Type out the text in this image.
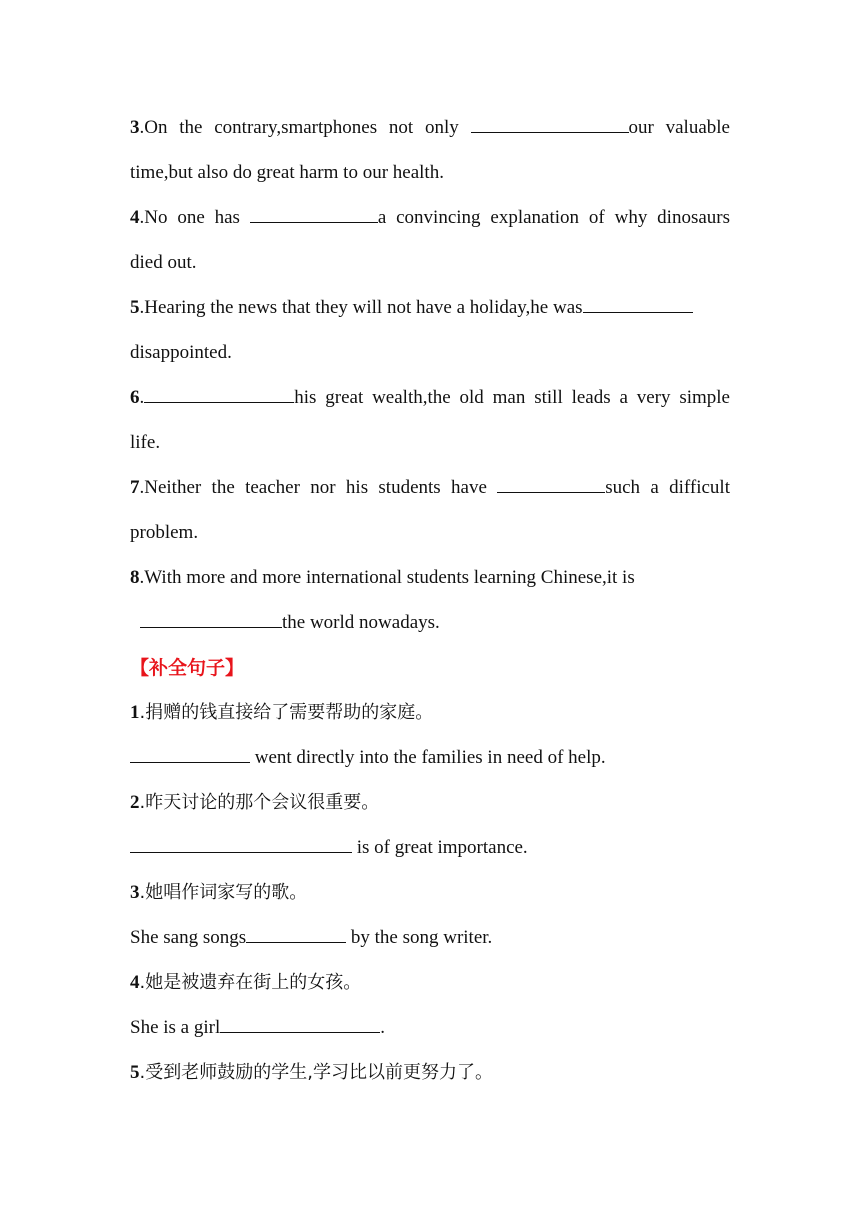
3.On the contrary,smartphones not only	our valuable
time,but also do great harm to our health.
4.No one has	a convincing explanation of why dinosaurs
died out.
5.Hearing the news that they will not have a holiday,he was
disappointed.
6.	his great wealth,the old man still leads a very simple
life.
7.Neither the teacher nor his students have	such a difficult
problem.
8.With more and more international students learning Chinese,it is
the world nowadays.
【补全句子】
1.捐赠的钱直接给了需要帮助的家庭。
went directly into the families in need of help.
2.昨天讨论的那个会议很重要。
is of great importance.
3.她唱作词家写的歌。
She sang songs	by the song writer.
4.她是被遗弃在街上的女孩。
She is a girl	.
5.受到老师鼓励的学生,学习比以前更努力了。
